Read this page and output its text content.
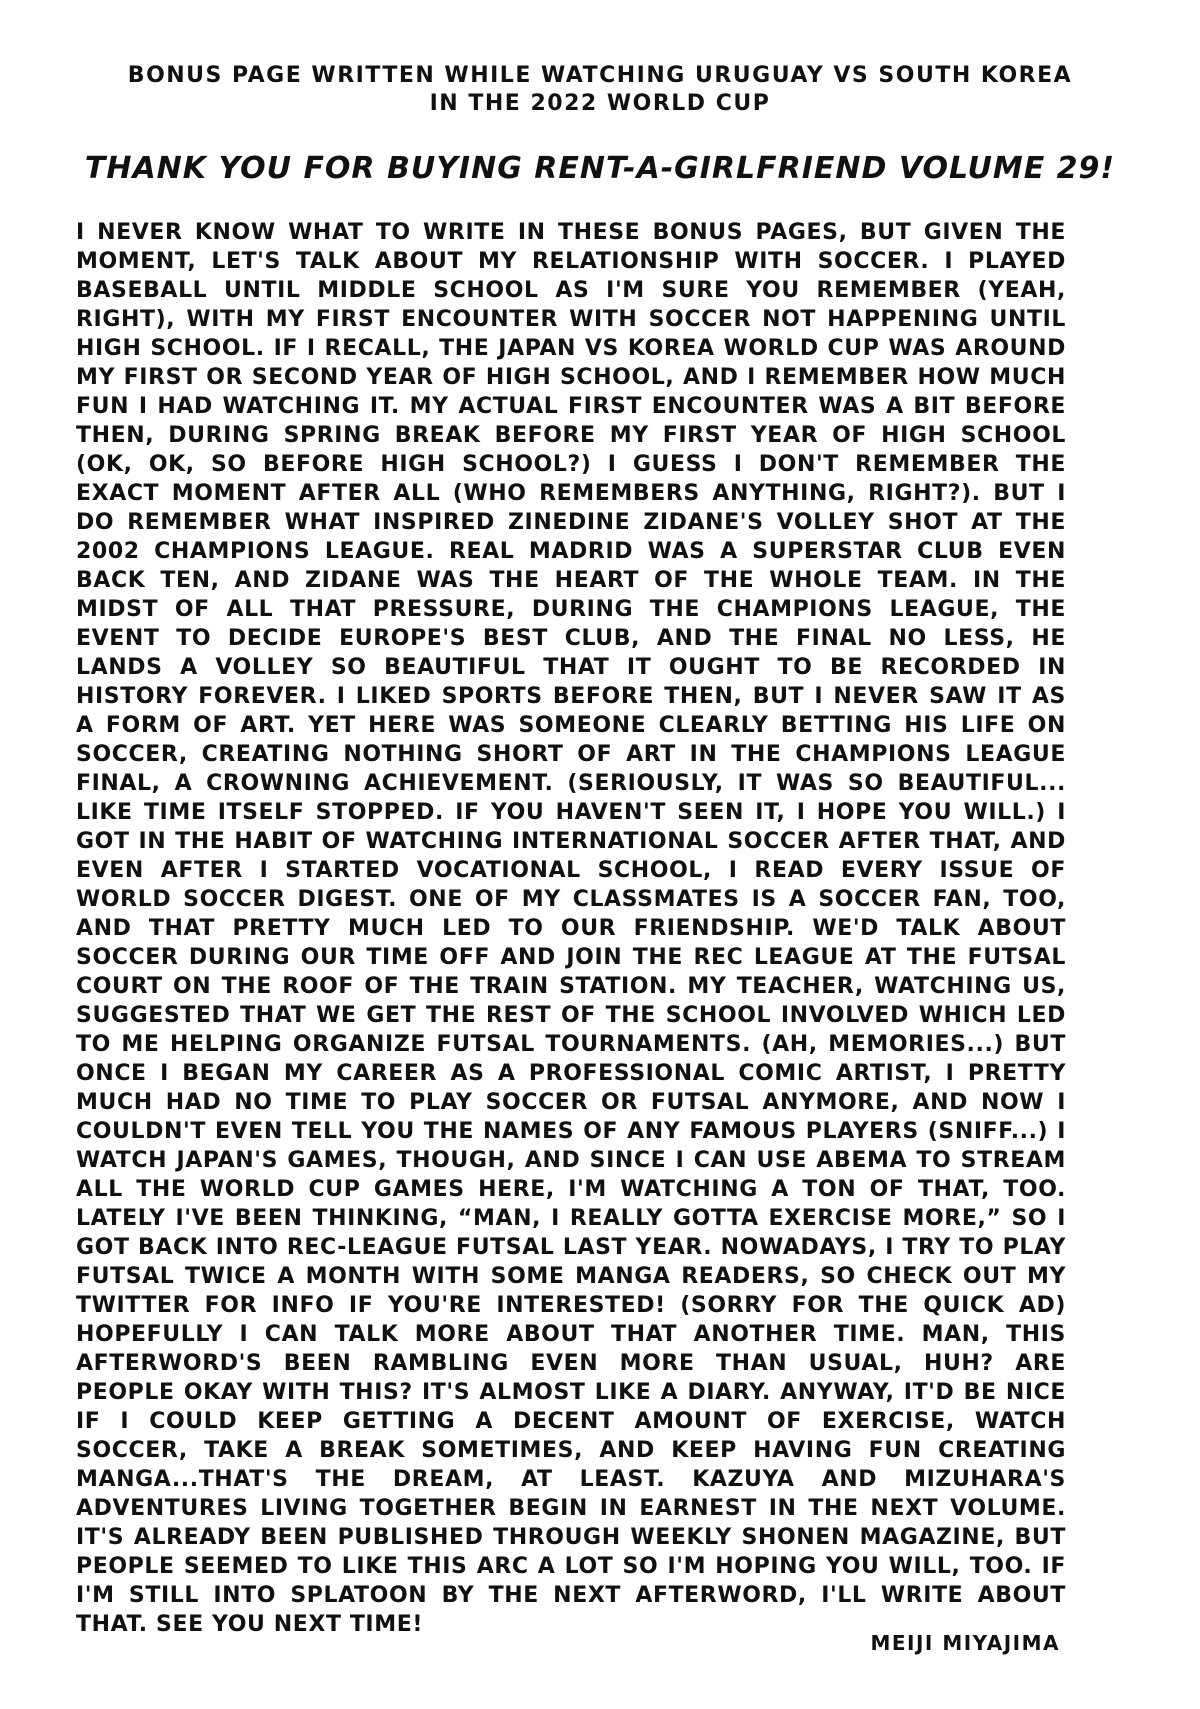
BONUS PAGE WRITTEN WHILE WATCHING URUGUAY VS SOUTH KOREA
IN THE 2022 WORLD CUP
THANK YOU FOR BUYING RENT-A-GIRLFRIEND VOLUME 29!

I NEVER KNOW WHAT TO WRITE IN THESE BONUS PAGES, BUT GIVEN THE MOMENT, LET'S TALK ABOUT MY RELATIONSHIP WITH SOCCER. I PLAYED BASEBALL UNTIL MIDDLE SCHOOL AS I'M SURE YOU REMEMBER (YEAH, RIGHT), WITH MY FIRST ENCOUNTER WITH SOCCER NOT HAPPENING UNTIL HIGH SCHOOL. IF I RECALL, THE JAPAN VS KOREA WORLD CUP WAS AROUND MY FIRST OR SECOND YEAR OF HIGH SCHOOL, AND I REMEMBER HOW MUCH FUN I HAD WATCHING IT. MY ACTUAL FIRST ENCOUNTER WAS A BIT BEFORE THEN, DURING SPRING BREAK BEFORE MY FIRST YEAR OF HIGH SCHOOL (OK, OK, SO BEFORE HIGH SCHOOL?) I GUESS I DON'T REMEMBER THE EXACT MOMENT AFTER ALL (WHO REMEMBERS ANYTHING, RIGHT?). BUT I DO REMEMBER WHAT INSPIRED ZINEDINE ZIDANE'S VOLLEY SHOT AT THE 2002 CHAMPIONS LEAGUE. REAL MADRID WAS A SUPERSTAR CLUB EVEN BACK TEN, AND ZIDANE WAS THE HEART OF THE WHOLE TEAM. IN THE MIDST OF ALL THAT PRESSURE, DURING THE CHAMPIONS LEAGUE, THE EVENT TO DECIDE EUROPE'S BEST CLUB, AND THE FINAL NO LESS, HE LANDS A VOLLEY SO BEAUTIFUL THAT IT OUGHT TO BE RECORDED IN HISTORY FOREVER. I LIKED SPORTS BEFORE THEN, BUT I NEVER SAW IT AS A FORM OF ART. YET HERE WAS SOMEONE CLEARLY BETTING HIS LIFE ON SOCCER, CREATING NOTHING SHORT OF ART IN THE CHAMPIONS LEAGUE FINAL, A CROWNING ACHIEVEMENT. (SERIOUSLY, IT WAS SO BEAUTIFUL... LIKE TIME ITSELF STOPPED. IF YOU HAVEN'T SEEN IT, I HOPE YOU WILL.) I GOT IN THE HABIT OF WATCHING INTERNATIONAL SOCCER AFTER THAT, AND EVEN AFTER I STARTED VOCATIONAL SCHOOL, I READ EVERY ISSUE OF WORLD SOCCER DIGEST. ONE OF MY CLASSMATES IS A SOCCER FAN, TOO, AND THAT PRETTY MUCH LED TO OUR FRIENDSHIP. WE'D TALK ABOUT SOCCER DURING OUR TIME OFF AND JOIN THE REC LEAGUE AT THE FUTSAL COURT ON THE ROOF OF THE TRAIN STATION. MY TEACHER, WATCHING US, SUGGESTED THAT WE GET THE REST OF THE SCHOOL INVOLVED WHICH LED TO ME HELPING ORGANIZE FUTSAL TOURNAMENTS. (AH, MEMORIES...) BUT ONCE I BEGAN MY CAREER AS A PROFESSIONAL COMIC ARTIST, I PRETTY MUCH HAD NO TIME TO PLAY SOCCER OR FUTSAL ANYMORE, AND NOW I COULDN'T EVEN TELL YOU THE NAMES OF ANY FAMOUS PLAYERS (SNIFF...) I WATCH JAPAN'S GAMES, THOUGH, AND SINCE I CAN USE ABEMA TO STREAM ALL THE WORLD CUP GAMES HERE, I'M WATCHING A TON OF THAT, TOO. LATELY I'VE BEEN THINKING, “MAN, I REALLY GOTTA EXERCISE MORE,” SO I GOT BACK INTO REC-LEAGUE FUTSAL LAST YEAR. NOWADAYS, I TRY TO PLAY FUTSAL TWICE A MONTH WITH SOME MANGA READERS, SO CHECK OUT MY TWITTER FOR INFO IF YOU'RE INTERESTED! (SORRY FOR THE QUICK AD) HOPEFULLY I CAN TALK MORE ABOUT THAT ANOTHER TIME. MAN, THIS AFTERWORD'S BEEN RAMBLING EVEN MORE THAN USUAL, HUH? ARE PEOPLE OKAY WITH THIS? IT'S ALMOST LIKE A DIARY. ANYWAY, IT'D BE NICE IF I COULD KEEP GETTING A DECENT AMOUNT OF EXERCISE, WATCH SOCCER, TAKE A BREAK SOMETIMES, AND KEEP HAVING FUN CREATING MANGA...THAT'S THE DREAM, AT LEAST. KAZUYA AND MIZUHARA'S ADVENTURES LIVING TOGETHER BEGIN IN EARNEST IN THE NEXT VOLUME. IT'S ALREADY BEEN PUBLISHED THROUGH WEEKLY SHONEN MAGAZINE, BUT PEOPLE SEEMED TO LIKE THIS ARC A LOT SO I'M HOPING YOU WILL, TOO. IF I'M STILL INTO SPLATOON BY THE NEXT AFTERWORD, I'LL WRITE ABOUT THAT. SEE YOU NEXT TIME!

MEIJI MIYAJIMA
